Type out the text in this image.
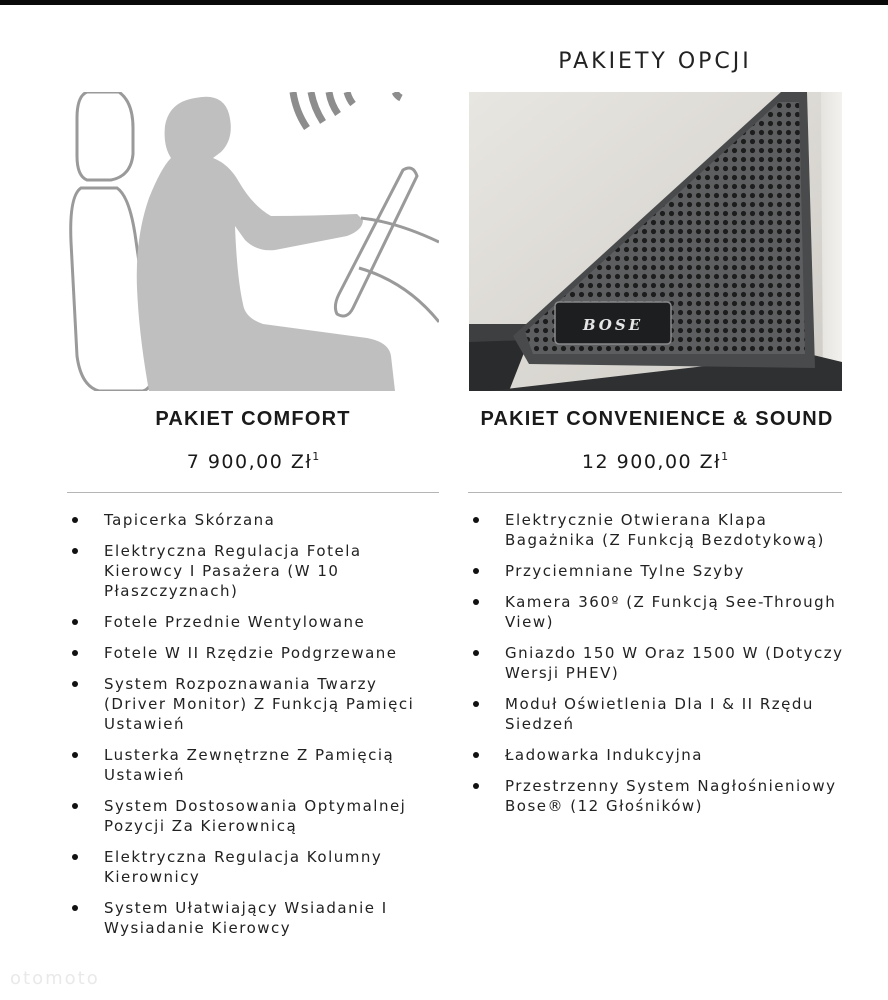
PAKIETY OPCJI
BOSE
PAKIET COMFORT
7 900,00 $Zł^1$
Tapicerka Skórzana
Elektryczna Regulacja Fotela Kierowcy I Pasażera (W 10 Płaszczyznach)
Fotele Przednie Wentylowane
Fotele W II Rzędzie Podgrzewane
System Rozpoznawania Twarzy (Driver Monitor) Z Funkcją Pamięci Ustawień
Lusterka Zewnętrzne Z Pamięcią Ustawień
System Dostosowania Optymalnej Pozycji Za Kierownicą
Elektryczna Regulacja Kolumny Kierownicy
System Ułatwiający Wsiadanie I Wysiadanie Kierowcy
PAKIET CONVENIENCE & SOUND
12 900,00 $Zł^1$
Elektrycznie Otwierana Klapa Bagażnika (Z Funkcją Bezdotykową)
Przyciemniane Tylne Szyby
Kamera 360º (Z Funkcją See-Through View)
Gniazdo 150 W Oraz 1500 W (Dotyczy Wersji PHEV)
Moduł Oświetlenia Dla I & II Rzędu Siedzeń
Ładowarka Indukcyjna
Przestrzenny System Nagłośnieniowy Bose® (12 Głośników)
otomoto
